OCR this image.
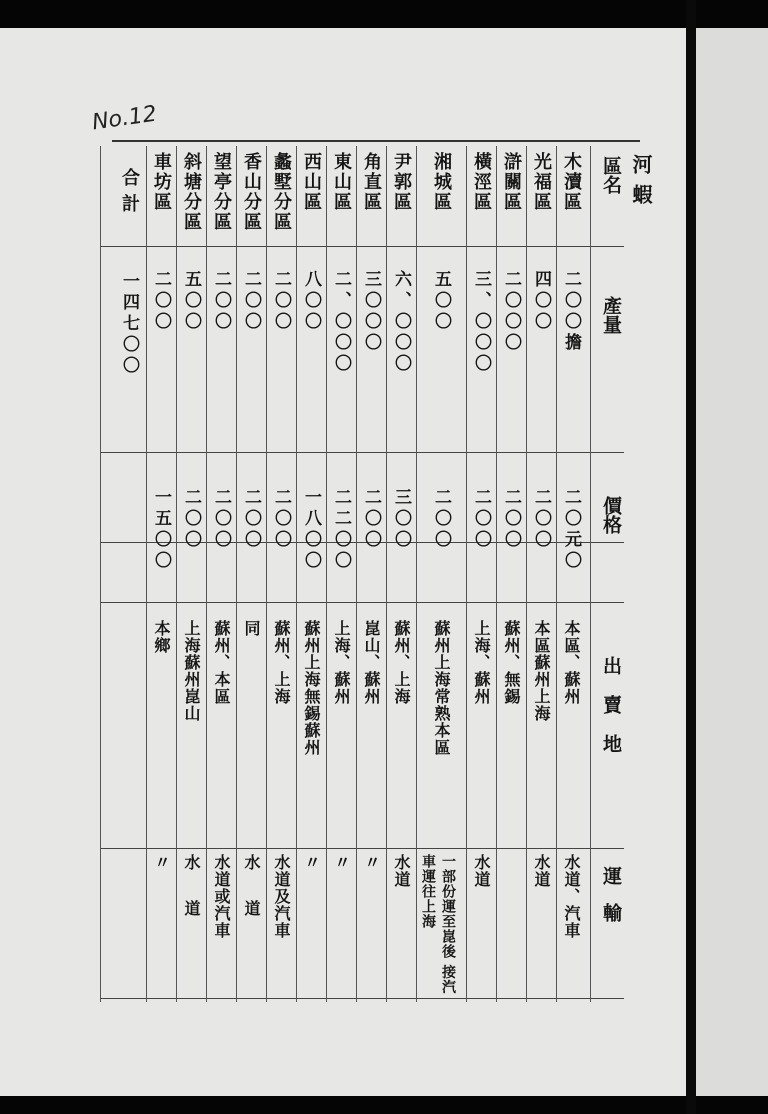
No.12
河蝦
區名
產量
價格
出賣地
運輸
木瀆區
二〇〇擔
二〇元〇
本區、蘇州
水道、汽車
光福區
四〇〇
二〇〇
本區蘇州上海
水道
滸關區
二〇〇〇
二〇〇
蘇州、無錫
橫涇區
三、〇〇〇
二〇〇
上海、蘇州
水道
湘城區
五〇〇
二〇〇
蘇州上海常熟本區
一部份運至崑後 接汽車運往上海
尹郭區
六、〇〇〇
三〇〇
蘇州、上海
水道
角直區
三〇〇〇
二〇〇
崑山、蘇州
〃
東山區
二、〇〇〇
二二〇〇
上海、蘇州
〃
西山區
八〇〇
一八〇〇
蘇州上海無錫蘇州
〃
蠡墅分區
二〇〇
二〇〇
蘇州、上海
水道及汽車
香山分區
二〇〇
二〇〇
同
水道
望亭分區
二〇〇
二〇〇
蘇州、本區
水道或汽車
斜塘分區
五〇〇
二〇〇
上海蘇州崑山
水道
車坊區
二〇〇
一五〇〇
本鄉
〃
合計
一四七〇〇
